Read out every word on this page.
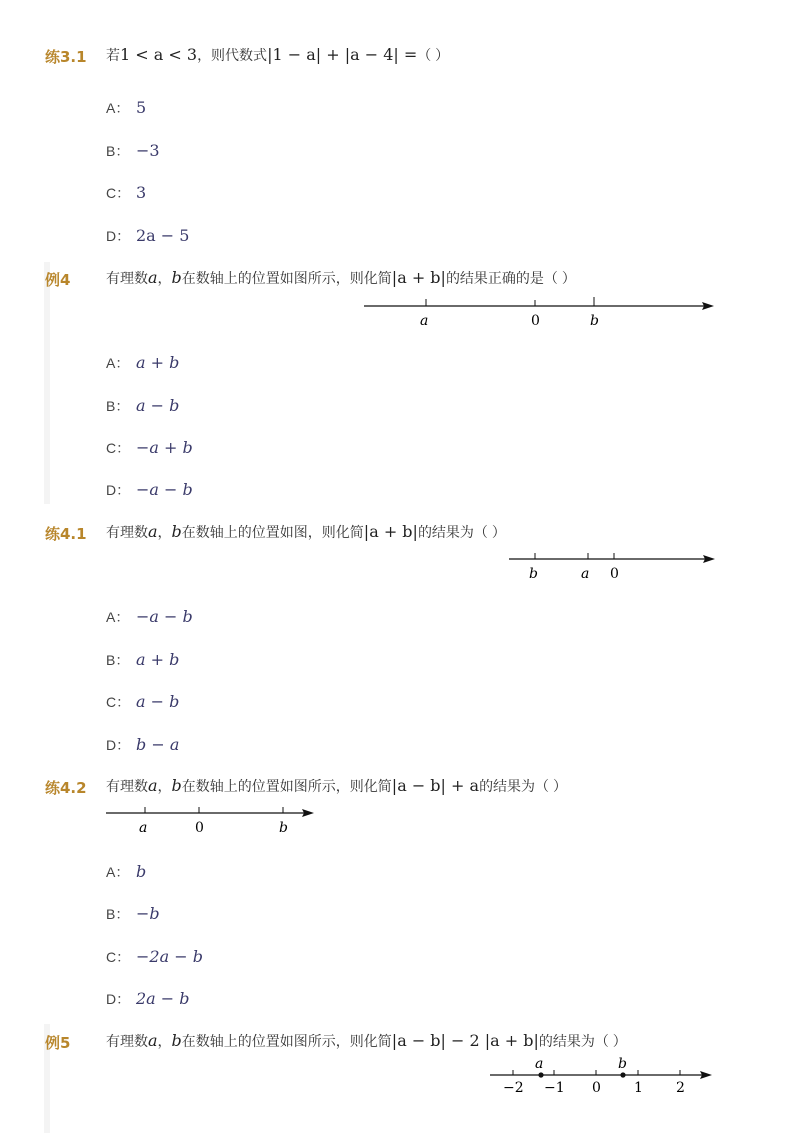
练3.1 若1 < a < 3，则代数式|1 − a| + |a − 4| =（ ）
A： 5
B： −3
C： 3
D： 2a − 5
例4	有理数a，b在数轴上的位置如图所示，则化简|a + b|的结果正确的是（ ）
a	0	b
A： a + b
B： a − b
C： −a + b
D： −a − b
练4.1 有理数a，b在数轴上的位置如图，则化简|a + b|的结果为（ ）
b	a 0
A： −a − b
B： a + b
C： a − b
D： b − a
练4.2 有理数a，b在数轴上的位置如图所示，则化简|a − b| + a的结果为（ ）
a	0	b
A： b
B： −b
C： −2a − b
D： 2a − b
例5	有理数a，b在数轴上的位置如图所示，则化简|a − b| − 2 |a + b|的结果为（ ）
a	b
−2 −1 0 1 2
